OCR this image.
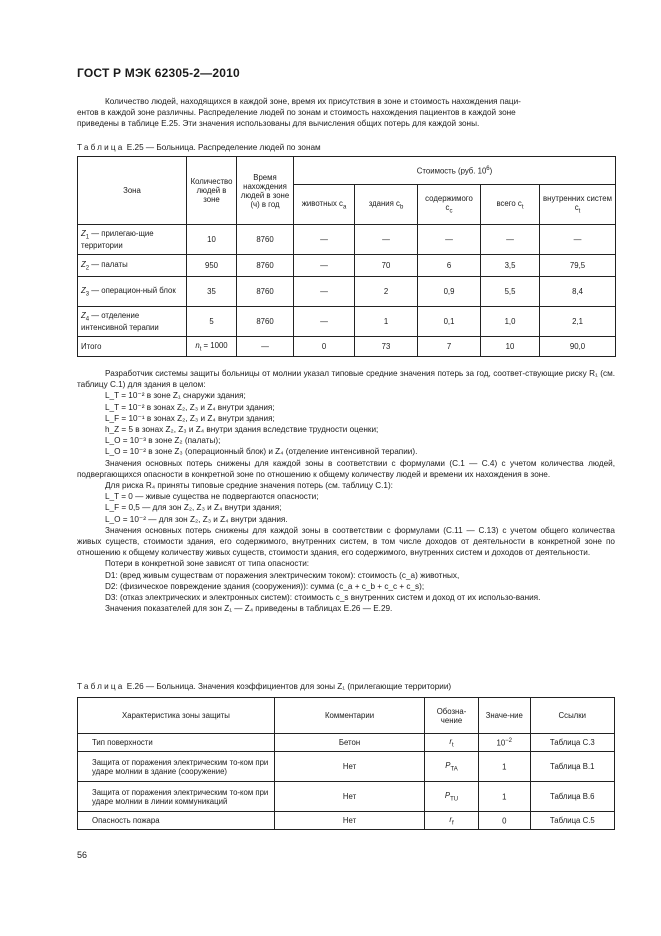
ГОСТ Р МЭК 62305-2—2010

Количество людей, находящихся в каждой зоне, время их присутствия в зоне и стоимость нахождения паци-

ентов в каждой зоне различны. Распределение людей по зонам и стоимость нахождения пациентов в каждой зоне

приведены в таблице Е.25. Эти значения использованы для вычисления общих потерь для каждой зоны.

Таблица Е.25 — Больница. Распределение людей по зонам
Зона	Количество людей в зоне	Время нахождения людей в зоне (ч) в год	Стоимость (руб. $10^6$)				
			животных $c_a$	здания $c_b$	содержимого $c_c$	всего $c_t$	внутренних систем $c_t$
$Z_1$ — прилегаю-щие территории	10	8760	—	—	—	—	—
$Z_2$ — палаты	950	8760	—	70	6	3,5	79,5
$Z_3$ — операцион-ный блок	35	8760	—	2	0,9	5,5	8,4
$Z_4$ — отделение интенсивной терапии	5	8760	—	1	0,1	1,0	2,1
Итого	$n_t = 1000$	—	0	73	7	10	90,0

Разработчик системы защиты больницы от молнии указал типовые средние значения потерь за год, соответ-ствующие риску R₁ (см. таблицу С.1) для здания в целом:

L_T = 10⁻² в зоне Z₁ снаружи здания;

L_T = 10⁻² в зонах Z₂, Z₃ и Z₄ внутри здания;

L_F = 10⁻¹ в зонах Z₂, Z₃ и Z₄ внутри здания;

h_Z = 5 в зонах Z₂, Z₃ и Z₄ внутри здания вследствие трудности оценки;

L_O = 10⁻³ в зоне Z₂ (палаты);

L_O = 10⁻² в зоне Z₃ (операционный блок) и Z₄ (отделение интенсивной терапии).

Значения основных потерь снижены для каждой зоны в соответствии с формулами (С.1 — С.4) с учетом количества людей, подвергающихся опасности в конкретной зоне по отношению к общему количеству людей и времени их нахождения в зоне.

Для риска R₄ приняты типовые средние значения потерь (см. таблицу С.1):

L_T = 0 — живые существа не подвергаются опасности;

L_F = 0,5 — для зон Z₂, Z₃ и Z₄ внутри здания;

L_O = 10⁻² — для зон Z₂, Z₃ и Z₄ внутри здания.

Значения основных потерь снижены для каждой зоны в соответствии с формулами (С.11 — С.13) с учетом общего количества живых существ, стоимости здания, его содержимого, внутренних систем, в том числе доходов от деятельности в конкретной зоне по отношению к общему количеству живых существ, стоимости здания, его содержимого, внутренних систем и доходов от деятельности.

Потери в конкретной зоне зависят от типа опасности:

D1: (вред живым существам от поражения электрическим током): стоимость (c_a) животных,

D2: (физическое повреждение здания (сооружения)): сумма (c_a + c_b + c_c + c_s);

D3: (отказ электрических и электронных систем): стоимость c_s внутренних систем и доход от их использо-вания.

Значения показателей для зон Z₁ — Z₄ приведены в таблицах Е.26 — Е.29.

Таблица Е.26 — Больница. Значения коэффициентов для зоны Z₁ (прилегающие территории)
Характеристика зоны защиты	Комментарии	Обозна-чение	Значе-ние	Ссылки
Тип поверхности	Бетон	$r_t$	$10^{-2}$	Таблица С.3
Защита от поражения электрическим то-ком при ударе молнии в здание (сооружение)	Нет	$P_{TA}$	1	Таблица В.1
Защита от поражения электрическим то-ком при ударе молнии в линии коммуникаций	Нет	$P_{TU}$	1	Таблица В.6
Опасность пожара	Нет	$r_f$	0	Таблица С.5
56
